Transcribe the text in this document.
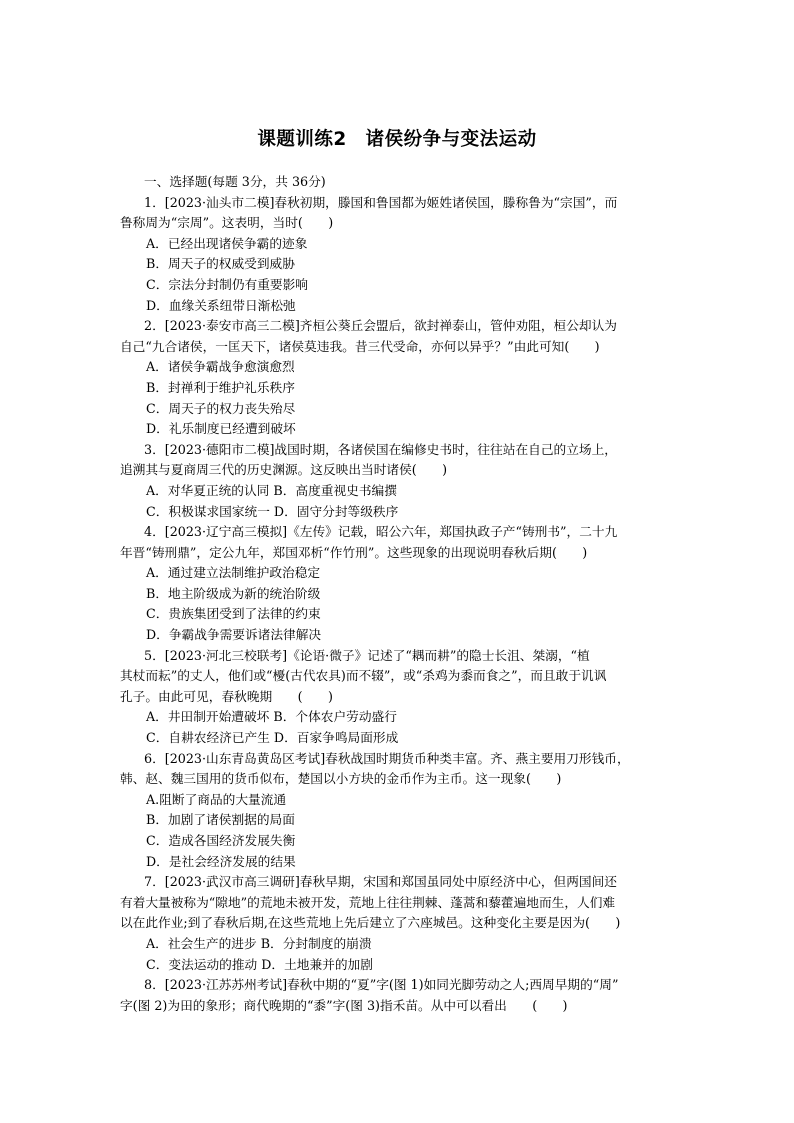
课题训练2　诸侯纷争与变法运动
一、选择题(每题 3分，共 36分)
1．[2023·汕头市二模]春秋初期，滕国和鲁国都为姬姓诸侯国，滕称鲁为“宗国”，而
鲁称周为“宗周”。这表明，当时(　　)
A．已经出现诸侯争霸的迹象
B．周天子的权威受到威胁
C．宗法分封制仍有重要影响
D．血缘关系纽带日渐松弛
2．[2023·泰安市高三二模]齐桓公葵丘会盟后，欲封禅泰山，管仲劝阻，桓公却认为
自己“九合诸侯，一匡天下，诸侯莫违我。昔三代受命，亦何以异乎？”由此可知(　　)
A．诸侯争霸战争愈演愈烈
B．封禅利于维护礼乐秩序
C．周天子的权力丧失殆尽
D．礼乐制度已经遭到破坏
3．[2023·德阳市二模]战国时期，各诸侯国在编修史书时，往往站在自己的立场上，
追溯其与夏商周三代的历史渊源。这反映出当时诸侯(　　)
A．对华夏正统的认同 B．高度重视史书编撰
C．积极谋求国家统一 D．固守分封等级秩序
4．[2023·辽宁高三模拟]《左传》记载，昭公六年，郑国执政子产“铸刑书”，二十九
年晋“铸刑鼎”，定公九年，郑国邓析“作竹刑”。这些现象的出现说明春秋后期(　　)
A．通过建立法制维护政治稳定
B．地主阶级成为新的统治阶级
C．贵族集团受到了法律的约束
D．争霸战争需要诉诸法律解决
5．[2023·河北三校联考]《论语·微子》记述了“耦而耕”的隐士长沮、桀溺，“植
其杖而耘”的丈人，他们或“櫌(古代农具)而不辍”，或“杀鸡为黍而食之”，而且敢于讥讽
孔子。由此可见，春秋晚期　　(　　)
A．井田制开始遭破坏 B．个体农户劳动盛行
C．自耕农经济已产生 D．百家争鸣局面形成
6．[2023·山东青岛黄岛区考试]春秋战国时期货币种类丰富。齐、燕主要用刀形钱币，
韩、赵、魏三国用的货币似布，楚国以小方块的金币作为主币。这一现象(　　)
A.阻断了商品的大量流通
B．加剧了诸侯割据的局面
C．造成各国经济发展失衡
D．是社会经济发展的结果
7．[2023·武汉市高三调研]春秋早期，宋国和郑国虽同处中原经济中心，但两国间还
有着大量被称为“隙地”的荒地未被开发，荒地上往往荆棘、蓬蒿和藜藿遍地而生，人们难
以在此作业;到了春秋后期,在这些荒地上先后建立了六座城邑。这种变化主要是因为(　　)
A．社会生产的进步 B．分封制度的崩溃
C．变法运动的推动 D．土地兼并的加剧
8．[2023·江苏苏州考试]春秋中期的“夏”字(图 1)如同光脚劳动之人;西周早期的“周”
字(图 2)为田的象形；商代晚期的“黍”字(图 3)指禾苗。从中可以看出　　(　　)
